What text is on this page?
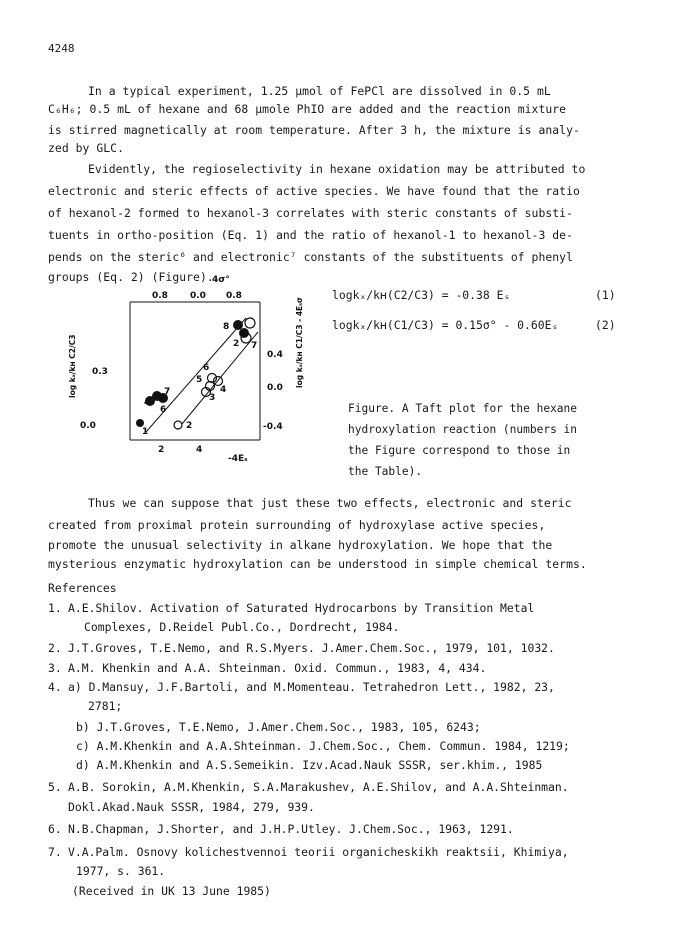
4248
In a typical experiment, 1.25 μmol of FePCl are dissolved in 0.5 mL
C₆H₆; 0.5 mL of hexane and 68 μmole PhIO are added and the reaction mixture
is stirred magnetically at room temperature. After 3 h, the mixture is analy-
zed by GLC.
Evidently, the regioselectivity in hexane oxidation may be attributed to
electronic and steric effects of active species. We have found that the ratio
of hexanol-2 formed to hexanol-3 correlates with steric constants of substi-
tuents in ortho-position (Eq. 1) and the ratio of hexanol-1 to hexanol-3 de-
pends on the steric⁶ and electronic⁷ constants of the substituents of phenyl
groups (Eq. 2) (Figure).
4σ°
0.8 0.0 0.8
0.3
0.0
0.4
0.0
-0.4
2	4
-4Eₛ
log kₓ/kʜ C2/C3	log kₓ/kʜ C1/C3 - 4Eₛσ
8
2 7
6
5
4
3
7
4
6
1
2
logkₓ/kʜ(C2/C3) = -0.38 Eₛ	(1)
logkₓ/kʜ(C1/C3) = 0.15σ° - 0.60Eₛ	(2)
Figure. A Taft plot for the hexane
hydroxylation reaction (numbers in
the Figure correspond to those in
the Table).
Thus we can suppose that just these two effects, electronic and steric
created from proximal protein surrounding of hydroxylase active species,
promote the unusual selectivity in alkane hydroxylation. We hope that the
mysterious enzymatic hydroxylation can be understood in simple chemical terms.
References
1. A.E.Shilov. Activation of Saturated Hydrocarbons by Transition Metal
Complexes, D.Reidel Publ.Co., Dordrecht, 1984.
2. J.T.Groves, T.E.Nemo, and R.S.Myers. J.Amer.Chem.Soc., 1979, 101, 1032.
3. A.M. Khenkin and A.A. Shteinman. Oxid. Commun., 1983, 4, 434.
4. a) D.Mansuy, J.F.Bartoli, and M.Momenteau. Tetrahedron Lett., 1982, 23,
2781;
b) J.T.Groves, T.E.Nemo, J.Amer.Chem.Soc., 1983, 105, 6243;
c) A.M.Khenkin and A.A.Shteinman. J.Chem.Soc., Chem. Commun. 1984, 1219;
d) A.M.Khenkin and A.S.Semeikin. Izv.Acad.Nauk SSSR, ser.khim., 1985
5. A.B. Sorokin, A.M.Khenkin, S.A.Marakushev, A.E.Shilov, and A.A.Shteinman.
Dokl.Akad.Nauk SSSR, 1984, 279, 939.
6. N.B.Chapman, J.Shorter, and J.H.P.Utley. J.Chem.Soc., 1963, 1291.
7. V.A.Palm. Osnovy kolichestvennoi teorii organicheskikh reaktsii, Khimiya,
1977, s. 361.
(Received in UK 13 June 1985)
